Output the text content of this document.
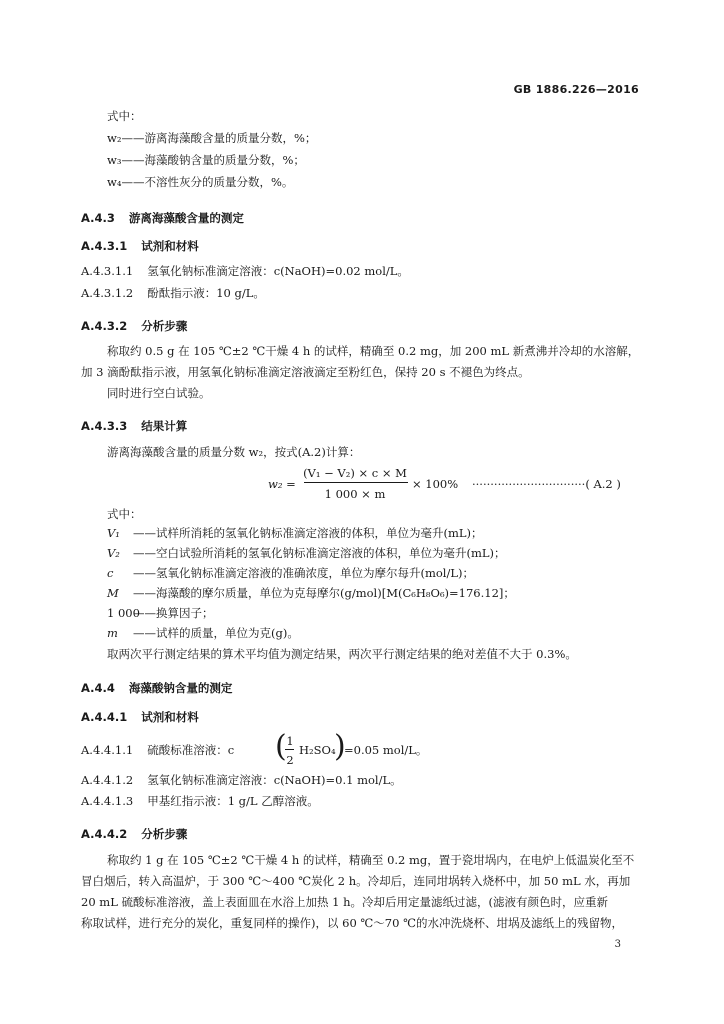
GB 1886.226—2016
式中：
w₂——游离海藻酸含量的质量分数，%；
w₃——海藻酸钠含量的质量分数，%；
w₄——不溶性灰分的质量分数，%。
A.4.3 游离海藻酸含量的测定
A.4.3.1 试剂和材料
A.4.3.1.1 氢氧化钠标准滴定溶液：c(NaOH)=0.02 mol/L。
A.4.3.1.2 酚酞指示液：10 g/L。
A.4.3.2 分析步骤
称取约 0.5 g 在 105 ℃±2 ℃干燥 4 h 的试样，精确至 0.2 mg，加 200 mL 新煮沸并冷却的水溶解，
加 3 滴酚酞指示液，用氢氧化钠标准滴定溶液滴定至粉红色，保持 20 s 不褪色为终点。
同时进行空白试验。
A.4.3.3 结果计算
游离海藻酸含量的质量分数 w₂，按式(A.2)计算：
w₂ =
(V₁ − V₂) × c × M
1 000 × m
× 100% ·······························( A.2 )
式中：
V₁ ——试样所消耗的氢氧化钠标准滴定溶液的体积，单位为毫升(mL)；
V₂ ——空白试验所消耗的氢氧化钠标准滴定溶液的体积，单位为毫升(mL)；
c ——氢氧化钠标准滴定溶液的准确浓度，单位为摩尔每升(mol/L)；
M ——海藻酸的摩尔质量，单位为克每摩尔(g/mol)[M(C₆H₈O₆)=176.12]；
1 000——换算因子；
m ——试样的质量，单位为克(g)。
取两次平行测定结果的算术平均值为测定结果，两次平行测定结果的绝对差值不大于 0.3%。
A.4.4 海藻酸钠含量的测定
A.4.4.1 试剂和材料
A.4.4.1.1 硫酸标准溶液：c ( 1
2
H₂SO₄
)
=0.05 mol/L。
A.4.4.1.2 氢氧化钠标准滴定溶液：c(NaOH)=0.1 mol/L。
A.4.4.1.3 甲基红指示液：1 g/L 乙醇溶液。
A.4.4.2 分析步骤
称取约 1 g 在 105 ℃±2 ℃干燥 4 h 的试样，精确至 0.2 mg，置于瓷坩埚内，在电炉上低温炭化至不
冒白烟后，转入高温炉，于 300 ℃～400 ℃炭化 2 h。冷却后，连同坩埚转入烧杯中，加 50 mL 水，再加
20 mL 硫酸标准溶液，盖上表面皿在水浴上加热 1 h。冷却后用定量滤纸过滤，(滤液有颜色时，应重新
称取试样，进行充分的炭化，重复同样的操作)，以 60 ℃～70 ℃的水冲洗烧杯、坩埚及滤纸上的残留物，
3
